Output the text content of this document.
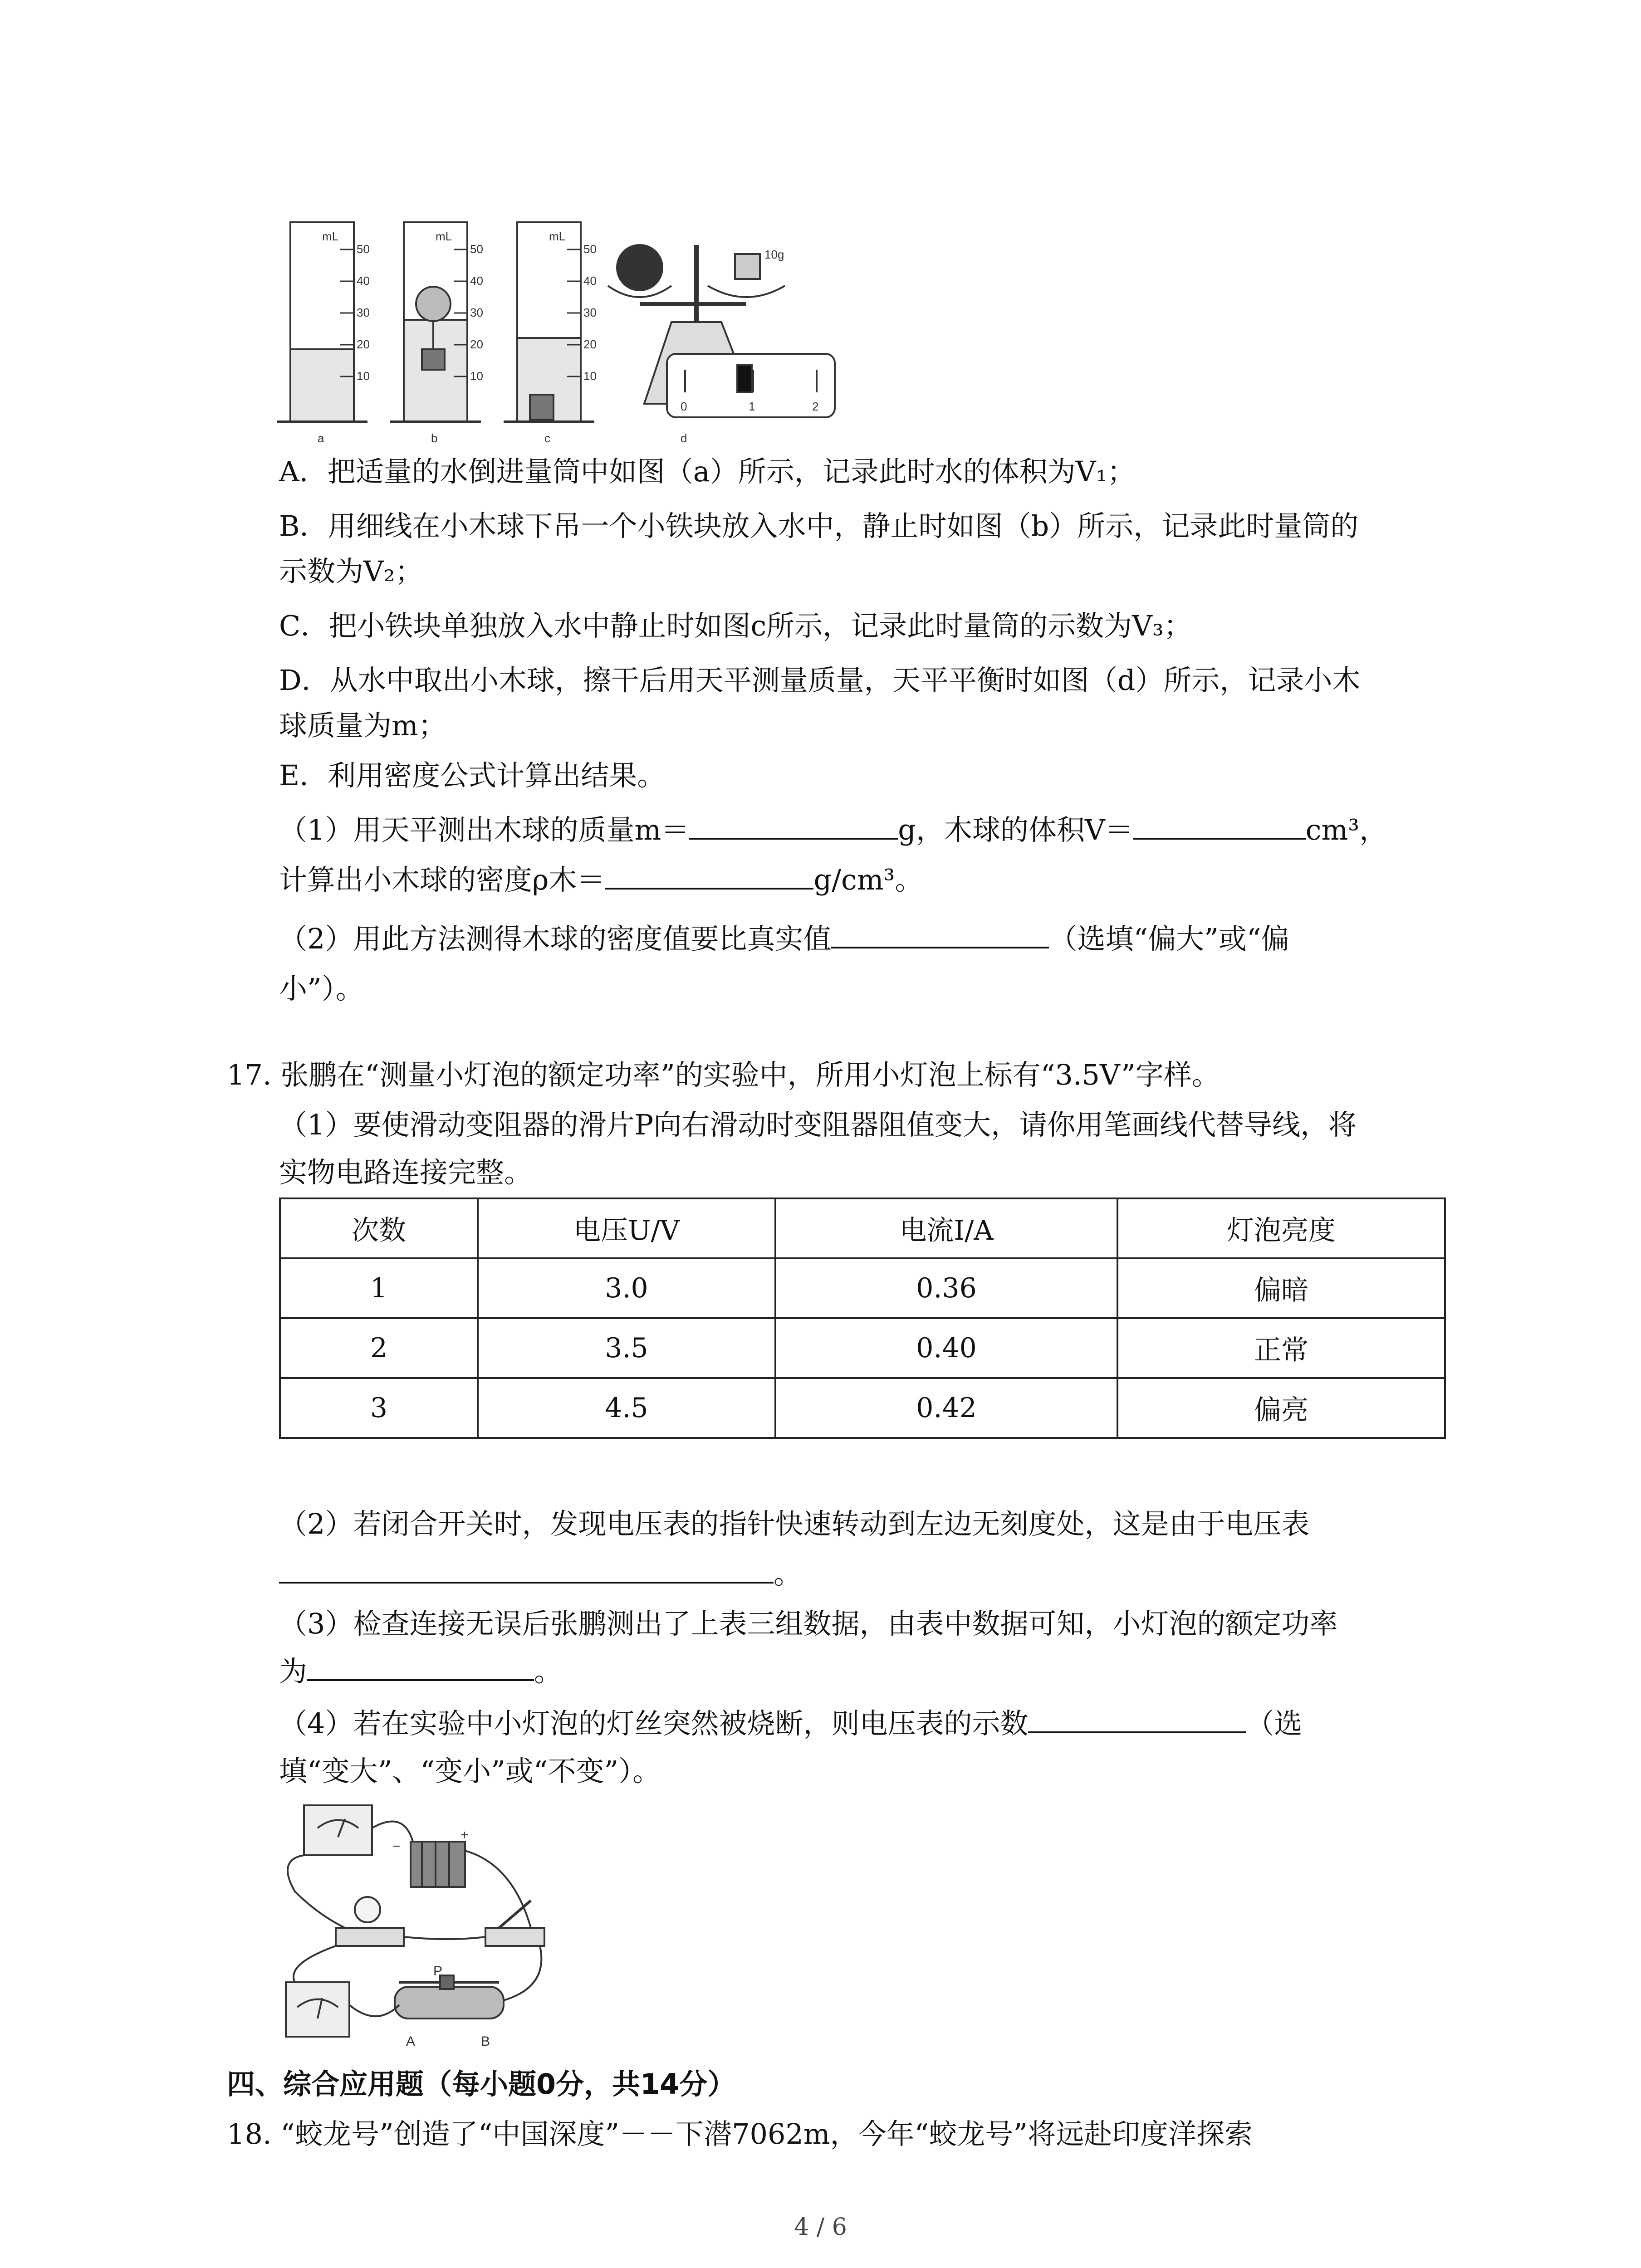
mL	mL	mL
50
40
30
20
10
50
40
30
20
10
50
40
30
20
10
a	b	c	d
10g
0	1	2
A．把适量的水倒进量筒中如图（a）所示，记录此时水的体积为V₁；
B．用细线在小木球下吊一个小铁块放入水中，静止时如图（b）所示，记录此时量筒的
示数为V₂；
C．把小铁块单独放入水中静止时如图c所示，记录此时量筒的示数为V₃；
D．从水中取出小木球，擦干后用天平测量质量，天平平衡时如图（d）所示，记录小木
球质量为m；
E．利用密度公式计算出结果。
（1）用天平测出木球的质量m＝	g，木球的体积V＝	cm³，
计算出小木球的密度ρ木＝	g/cm³。
（2）用此方法测得木球的密度值要比真实值	（选填“偏大”或“偏
小”）。
17. 张鹏在“测量小灯泡的额定功率”的实验中，所用小灯泡上标有“3.5V”字样。
（1）要使滑动变阻器的滑片P向右滑动时变阻器阻值变大，请你用笔画线代替导线，将
实物电路连接完整。
次数	电压U/V	电流I/A	灯泡亮度
1	3.0	0.36	偏暗
2	3.5	0.40	正常
3	4.5	0.42	偏亮
（2）若闭合开关时，发现电压表的指针快速转动到左边无刻度处，这是由于电压表
。
（3）检查连接无误后张鹏测出了上表三组数据，由表中数据可知，小灯泡的额定功率
为	。
（4）若在实验中小灯泡的灯丝突然被烧断，则电压表的示数	（选
填“变大”、“变小”或“不变”）。
−
+
P
A	B
四、综合应用题（每小题0分，共14分）
18. “蛟龙号”创造了“中国深度”－－下潜7062m，今年“蛟龙号”将远赴印度洋探索
4 / 6
